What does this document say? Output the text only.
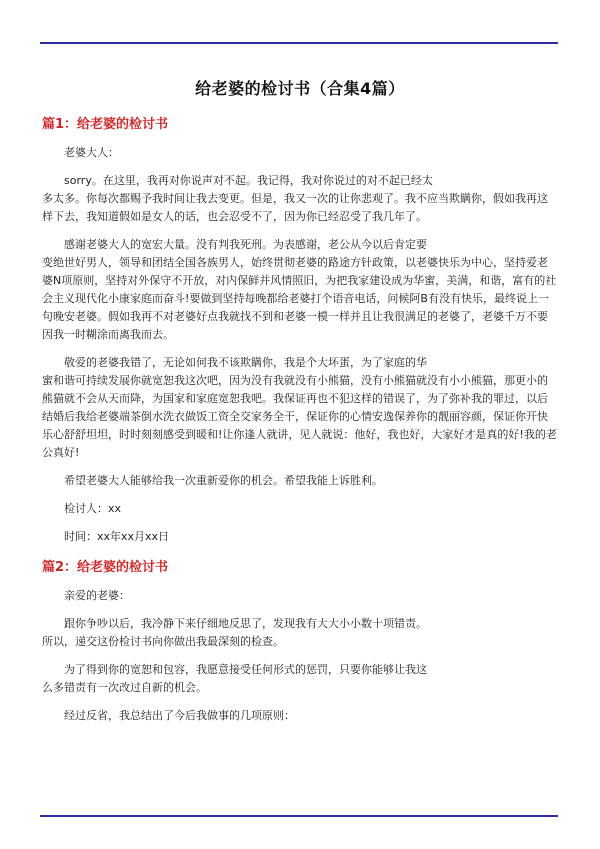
给老婆的检讨书（合集4篇）
篇1：给老婆的检讨书

老婆大人：

sorry。在这里，我再对你说声对不起。我记得，我对你说过的对不起已经太
多太多。你每次都赐予我时间让我去变更。但是，我又一次的让你悲观了。我不应当欺瞒你，假如我再这样下去，我知道假如是女人的话，也会忍受不了，因为你已经忍受了我几年了。

感谢老婆大人的宽宏大量。没有判我死刑。为表感谢，老公从今以后肯定要
变绝世好男人，领导和团结全国各族男人，始终贯彻老婆的路途方针政策，以老婆快乐为中心，坚持爱老婆N项原则，坚持对外保守不开放，对内保鲜并风情照旧，为把我家建设成为华蜜，美满，和谐，富有的社会主义现代化小康家庭而奋斗!要做到坚持每晚都给老婆打个语音电话，问候阿B有没有快乐，最终说上一句晚安老婆。假如我再不对老婆好点我就找不到和老婆一模一样并且让我很满足的老婆了，老婆千万不要因我一时糊涂而离我而去。

敬爱的老婆我错了，无论如何我不该欺瞒你，我是个大坏蛋，为了家庭的华
蜜和谐可持续发展你就宽恕我这次吧，因为没有我就没有小熊猫，没有小熊猫就没有小小熊猫，那更小的熊猫就不会从天而降，为国家和家庭宽恕我吧。我保证再也不犯这样的错误了，为了弥补我的罪过，以后结婚后我给老婆端茶倒水洗衣做饭工资全交家务全干，保证你的心情安逸保养你的靓丽容颜，保证你开快乐心舒舒坦坦，时时刻刻感受到暖和!让你逢人就讲，见人就说：他好，我也好，大家好才是真的好!我的老公真好!

希望老婆大人能够给我一次重新爱你的机会。希望我能上诉胜利。

检讨人：xx

时间：xx年xx月xx日

篇2：给老婆的检讨书

亲爱的老婆：

跟你争吵以后，我冷静下来仔细地反思了，发现我有大大小小数十项错责。
所以，递交这份检讨书向你做出我最深刻的检查。

为了得到你的宽恕和包容，我愿意接受任何形式的惩罚，只要你能够让我这
么多错责有一次改过自新的机会。

经过反省，我总结出了今后我做事的几项原则：
